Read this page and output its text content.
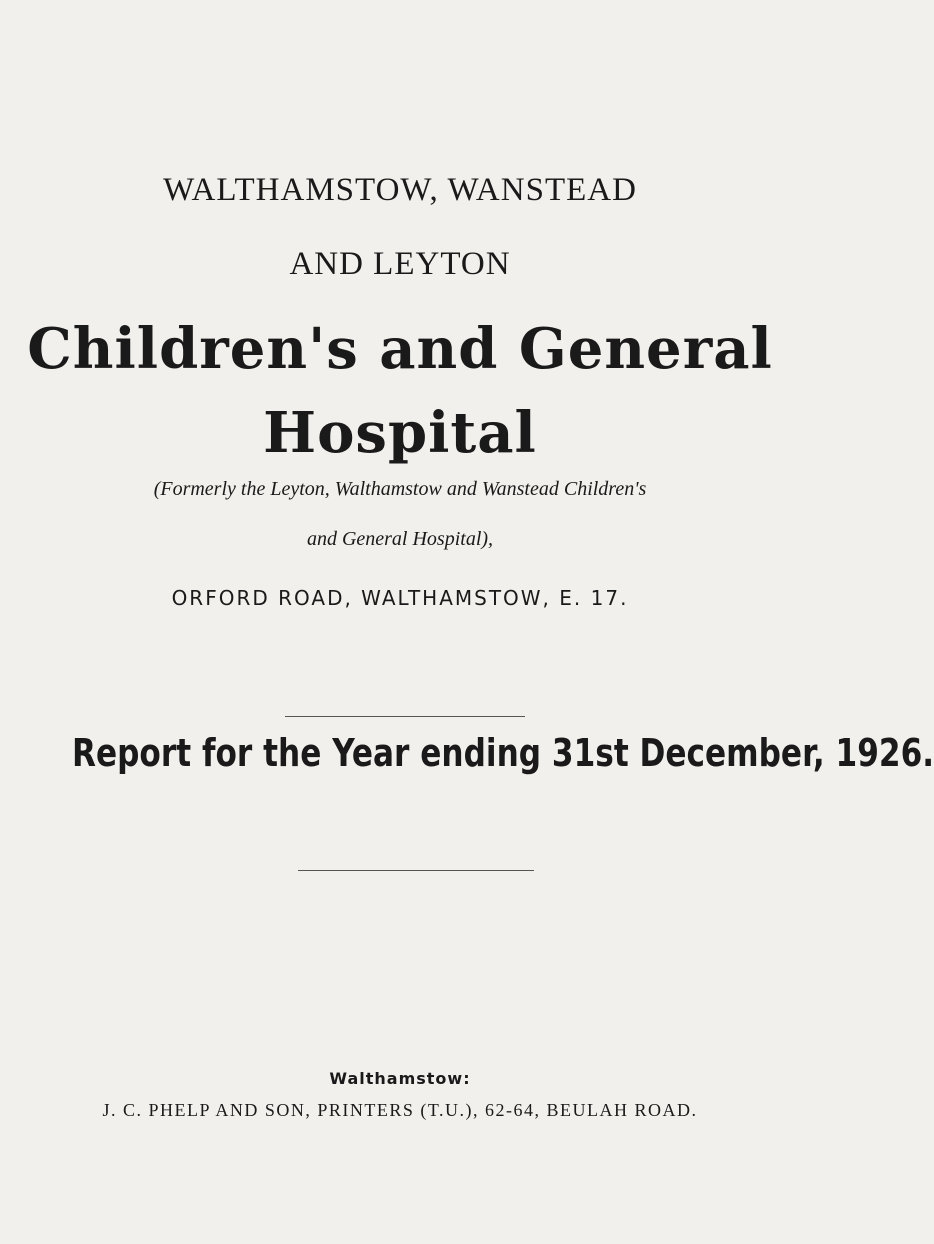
WALTHAMSTOW, WANSTEAD
AND LEYTON
Children's and General
Hospital
(Formerly the Leyton, Walthamstow and Wanstead Children's
and General Hospital),
ORFORD ROAD, WALTHAMSTOW, E. 17.
Report for the Year ending 31st December, 1926.
Walthamstow:
J. C. PHELP AND SON, PRINTERS (T.U.), 62-64, BEULAH ROAD.
